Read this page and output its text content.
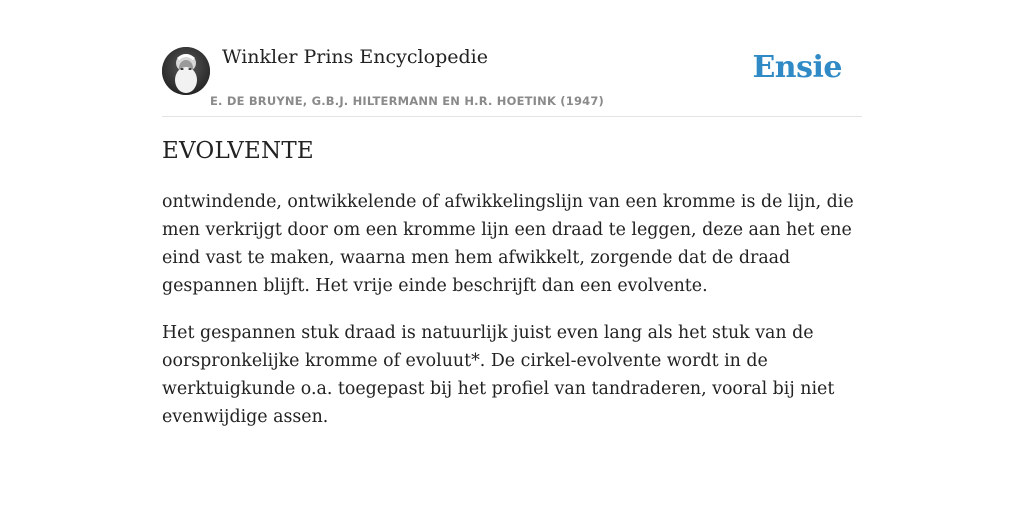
Winkler Prins Encyclopedie
E. DE BRUYNE, G.B.J. HILTERMANN EN H.R. HOETINK (1947)
Ensie
EVOLVENTE

ontwindende, ontwikkelende of afwikkelingslijn van een kromme is de lijn, die men verkrijgt door om een kromme lijn een draad te leggen, deze aan het ene eind vast te maken, waarna men hem afwikkelt, zorgende dat de draad gespannen blijft. Het vrije einde beschrijft dan een evolvente.

Het gespannen stuk draad is natuurlijk juist even lang als het stuk van de oorspronkelijke kromme of evoluut*. De cirkel-evolvente wordt in de werktuigkunde o.a. toegepast bij het profiel van tandraderen, vooral bij niet evenwijdige assen.
